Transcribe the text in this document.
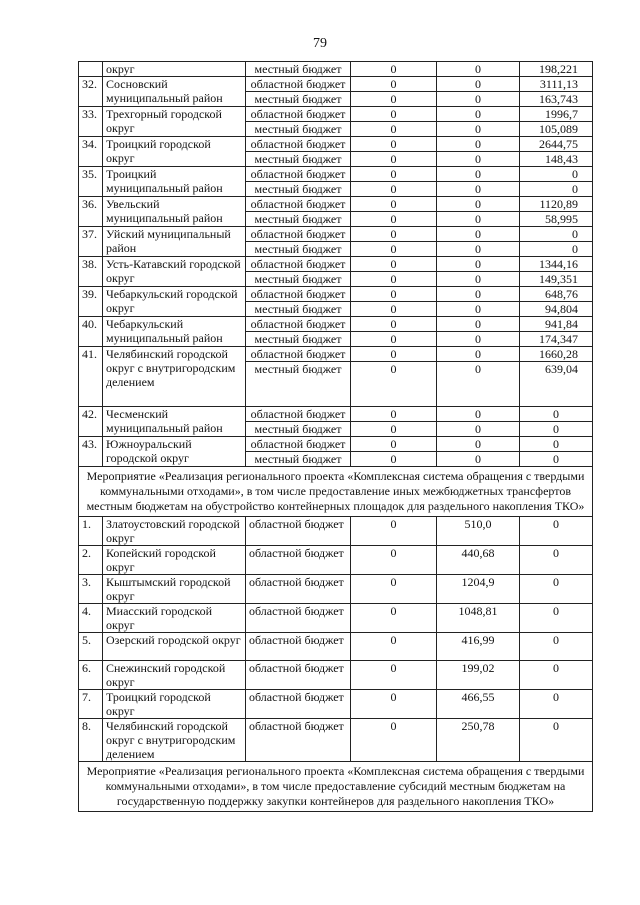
79
	округ	местный бюджет	0	0	198,221
32.	Сосновский муниципальный район	областной бюджет	0	0	3111,13
		местный бюджет	0	0	163,743
33.	Трехгорный городской округ	областной бюджет	0	0	1996,7
		местный бюджет	0	0	105,089
34.	Троицкий городской округ	областной бюджет	0	0	2644,75
		местный бюджет	0	0	148,43
35.	Троицкий муниципальный район	областной бюджет	0	0	0
		местный бюджет	0	0	0
36.	Увельский муниципальный район	областной бюджет	0	0	1120,89
		местный бюджет	0	0	58,995
37.	Уйский муниципальный район	областной бюджет	0	0	0
		местный бюджет	0	0	0
38.	Усть-Катавский городской округ	областной бюджет	0	0	1344,16
		местный бюджет	0	0	149,351
39.	Чебаркульский городской округ	областной бюджет	0	0	648,76
		местный бюджет	0	0	94,804
40.	Чебаркульский муниципальный район	областной бюджет	0	0	941,84
		местный бюджет	0	0	174,347
41.	Челябинский городской округ с внутригородским делением	областной бюджет	0	0	1660,28
		местный бюджет	0	0	639,04
42.	Чесменский муниципальный район	областной бюджет	0	0	0
		местный бюджет	0	0	0
43.	Южноуральский городской округ	областной бюджет	0	0	0
		местный бюджет	0	0	0
Мероприятие «Реализация регионального проекта «Комплексная система обращения с твердыми коммунальными отходами», в том числе предоставление иных межбюджетных трансфертов местным бюджетам на обустройство контейнерных площадок для раздельного накопления ТКО»					
1.	Златоустовский городской округ	областной бюджет	0	510,0	0
2.	Копейский городской округ	областной бюджет	0	440,68	0
3.	Кыштымский городской округ	областной бюджет	0	1204,9	0
4.	Миасский городской округ	областной бюджет	0	1048,81	0
5.	Озерский городской округ	областной бюджет	0	416,99	0
6.	Снежинский городской округ	областной бюджет	0	199,02	0
7.	Троицкий городской округ	областной бюджет	0	466,55	0
8.	Челябинский городской округ с внутригородским делением	областной бюджет	0	250,78	0
Мероприятие «Реализация регионального проекта «Комплексная система обращения с твердыми коммунальными отходами», в том числе предоставление субсидий местным бюджетам на государственную поддержку закупки контейнеров для раздельного накопления ТКО»					
